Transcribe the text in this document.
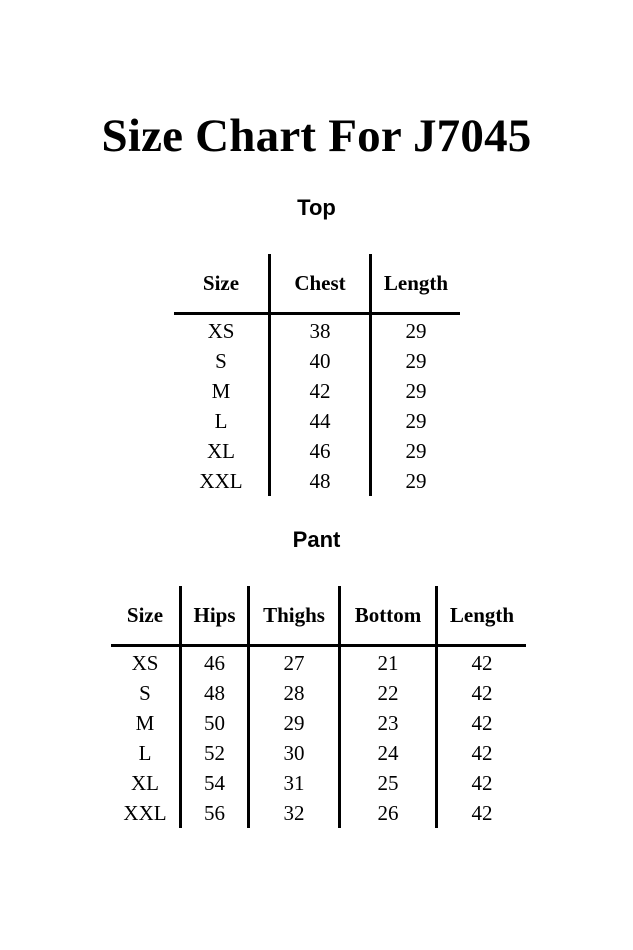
Size Chart For J7045
Top
Size	Chest	Length

XS	38	29
S	40	29
M	42	29
L	44	29
XL	46	29
XXL	48	29
Pant
Size	Hips	Thighs	Bottom	Length

XS	46	27	21	42
S	48	28	22	42
M	50	29	23	42
L	52	30	24	42
XL	54	31	25	42
XXL	56	32	26	42
